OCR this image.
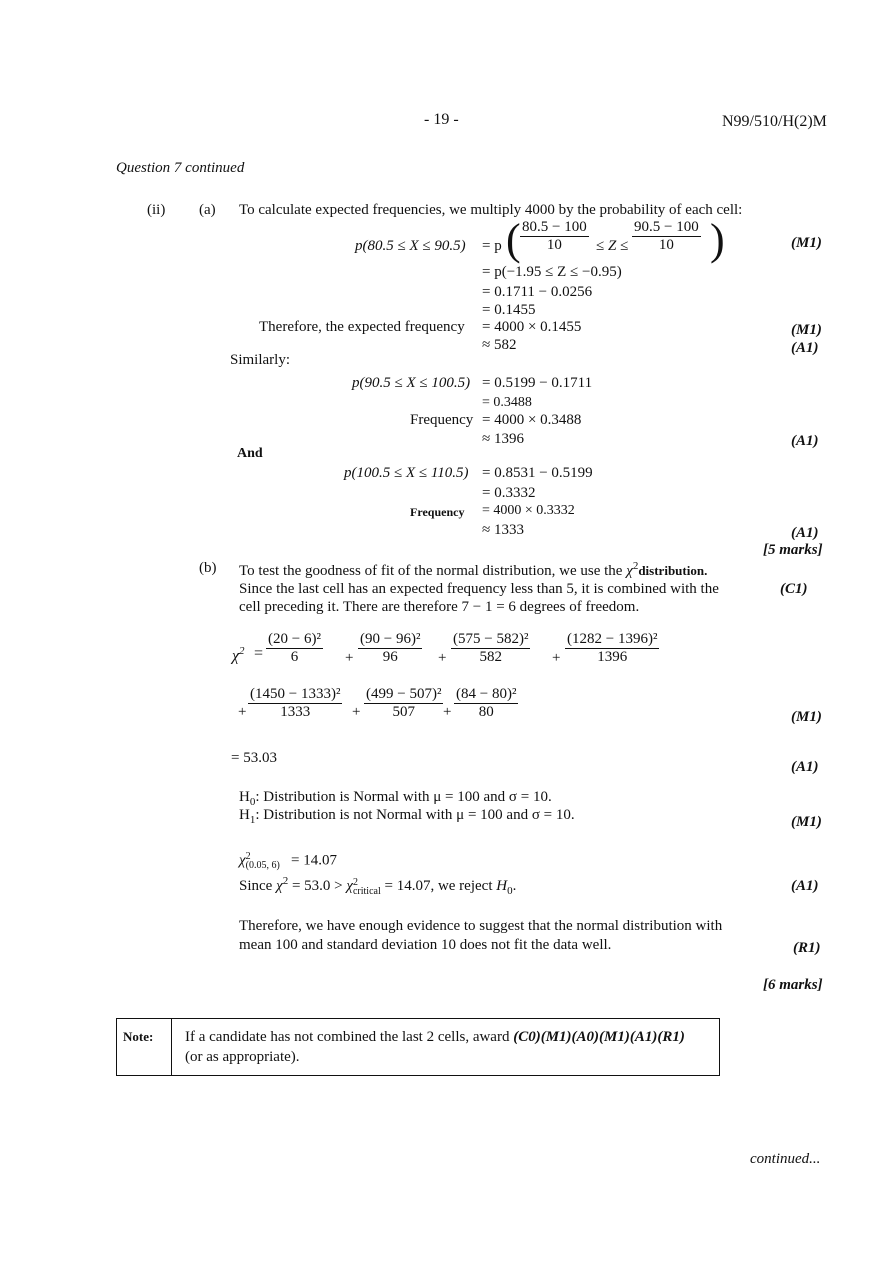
- 19 -	N99/510/H(2)M
Question 7 continued
(ii) (a) To calculate expected frequencies, we multiply 4000 by the probability of each cell:
p(80.5 ≤ X ≤ 90.5) = p ( $\frac{80.5 - 100}{10} \le Z \le \frac{90.5 - 100}{10}$ )	(M1)
= p(−1.95 ≤ Z ≤ −0.95)
= 0.1711 − 0.0256
= 0.1455
Therefore, the expected frequency = 4000 × 0.1455	(M1)
≈ 582	(A1)
Similarly:
p(90.5 ≤ X ≤ 100.5) = 0.5199 − 0.1711
= 0.3488
Frequency = 4000 × 0.3488
≈ 1396	(A1)
And
p(100.5 ≤ X ≤ 110.5) = 0.8531 − 0.5199
= 0.3332
Frequency = 4000 × 0.3332
≈ 1333	(A1)
[5 marks]
(b) To test the goodness of fit of the normal distribution, we use the $\chi^2distribution$.
Since the last cell has an expected frequency less than 5, it is combined with the	(C1)
cell preceding it. There are therefore 7 − 1 = 6 degrees of freedom.
$\chi^2 = \frac{\text{(20 − 6)²}}{6} + \frac{\text{(90 − 96)²}}{96} + \frac{\text{(575 − 582)²}}{582} + \frac{\text{(1282 − 1396)²}}{1396}$
+ $\frac{\text{(1450 − 1333)²}}{1333} + \frac{\text{(499 − 507)²}}{507} + \frac{\text{(84 − 80)²}}{80}$	(M1)
= 53.03
(A1)
$H_0$: Distribution is Normal with μ = 100 and σ = 10.
$H_1$: Distribution is not Normal with μ = 100 and σ = 10.	(M1)
χ 2
(0.05, 6) = 14.07
Since $\chi^2 = 53.0 > \chi$ 2
critical = 14.07, we reject $H_0$.	(A1)
Therefore, we have enough evidence to suggest that the normal distribution with
mean 100 and standard deviation 10 does not fit the data well.	(R1)
[6 marks]
Note: If a candidate has not combined the last 2 cells, award (C0)(M1)(A0)(M1)(A1)(R1)
(or as appropriate).
continued...
